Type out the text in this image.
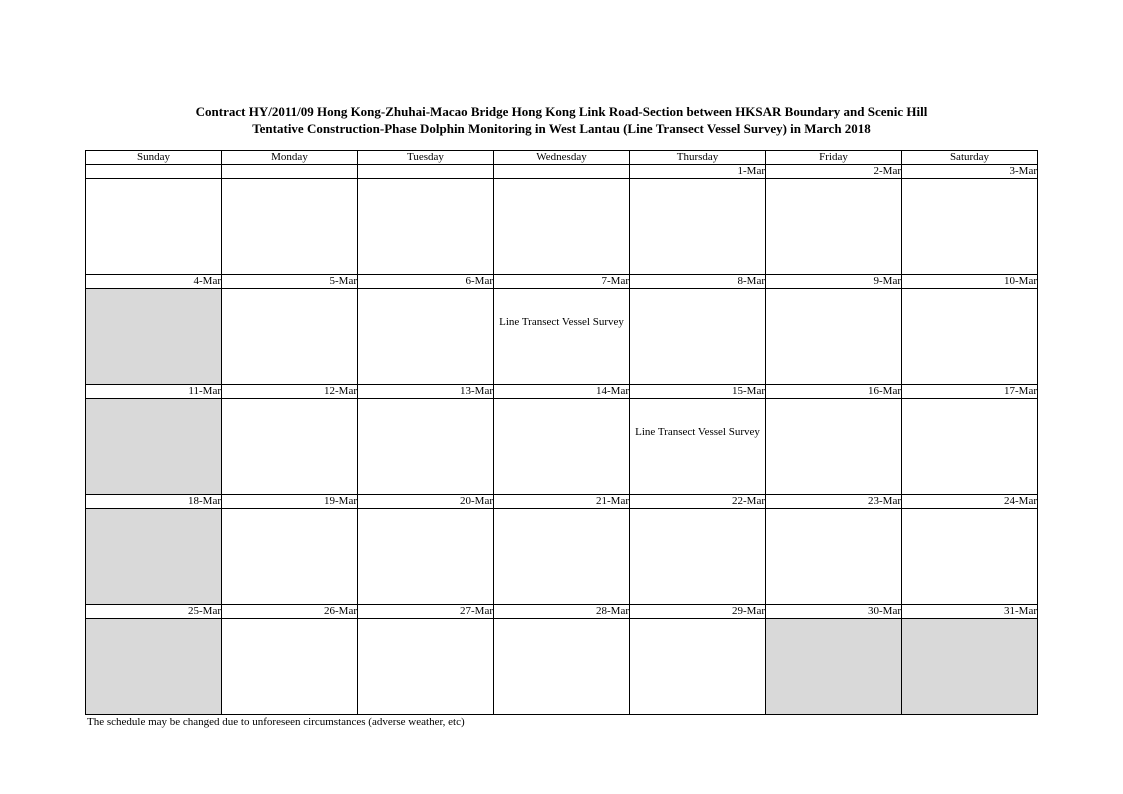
Contract HY/2011/09 Hong Kong-Zhuhai-Macao Bridge Hong Kong Link Road-Section between HKSAR Boundary and Scenic Hill
Tentative Construction-Phase Dolphin Monitoring in West Lantau (Line Transect Vessel Survey) in March 2018
Sunday	Monday	Tuesday	Wednesday	Thursday	Friday	Saturday
				1-Mar	2-Mar	3-Mar

4-Mar	5-Mar	6-Mar	7-Mar	8-Mar	9-Mar	10-Mar

			Line Transect Vessel Survey			

11-Mar	12-Mar	13-Mar	14-Mar	15-Mar	16-Mar	17-Mar

				Line Transect Vessel Survey		

18-Mar	19-Mar	20-Mar	21-Mar	22-Mar	23-Mar	24-Mar

25-Mar	26-Mar	27-Mar	28-Mar	29-Mar	30-Mar	31-Mar

The schedule may be changed due to unforeseen circumstances (adverse weather, etc)
